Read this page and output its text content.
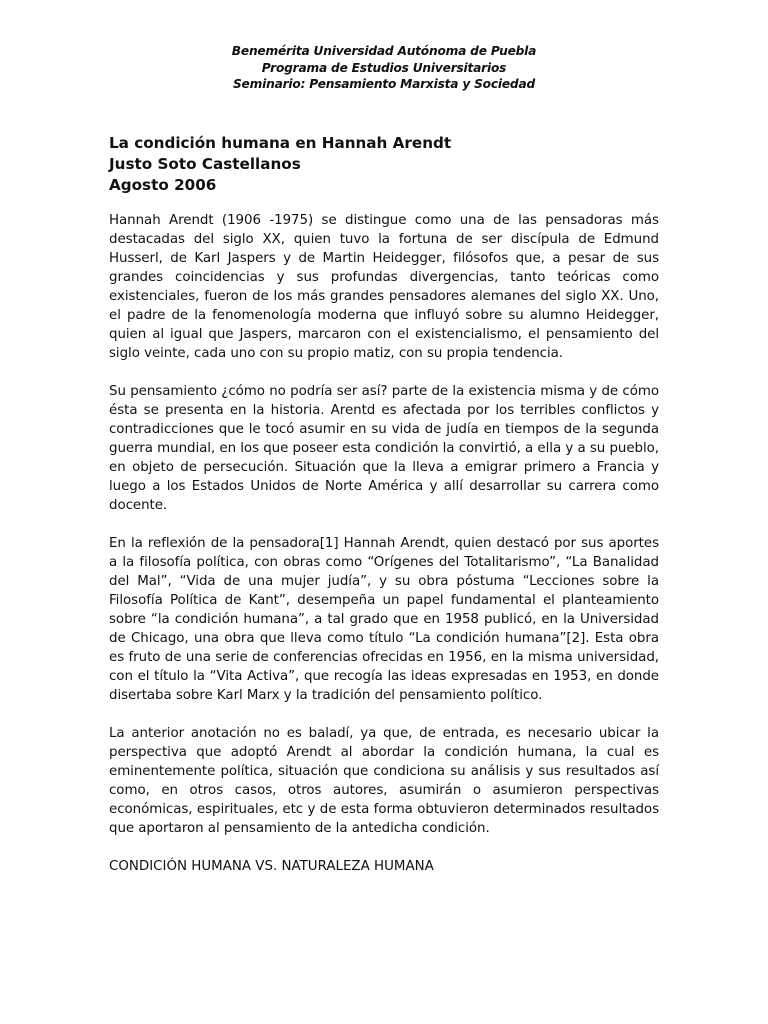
Benemérita Universidad Autónoma de Puebla
Programa de Estudios Universitarios
Seminario: Pensamiento Marxista y Sociedad
La condición humana en Hannah Arendt
Justo Soto Castellanos
Agosto 2006

Hannah Arendt (1906 -1975) se distingue como una de las pensadoras más destacadas del siglo XX, quien tuvo la fortuna de ser discípula de Edmund Husserl, de Karl Jaspers y de Martin Heidegger, filósofos que, a pesar de sus grandes coincidencias y sus profundas divergencias, tanto teóricas como existenciales, fueron de los más grandes pensadores alemanes del siglo XX. Uno, el padre de la fenomenología moderna que influyó sobre su alumno Heidegger, quien al igual que Jaspers, marcaron con el existencialismo, el pensamiento del siglo veinte, cada uno con su propio matiz, con su propia tendencia.

Su pensamiento ¿cómo no podría ser así? parte de la existencia misma y de cómo ésta se presenta en la historia. Arentd es afectada por los terribles conflictos y contradicciones que le tocó asumir en su vida de judía en tiempos de la segunda guerra mundial, en los que poseer esta condición la convirtió, a ella y a su pueblo, en objeto de persecución. Situación que la lleva a emigrar primero a Francia y luego a los Estados Unidos de Norte América y allí desarrollar su carrera como docente.

En la reflexión de la pensadora[1] Hannah Arendt, quien destacó por sus aportes a la filosofía política, con obras como “Orígenes del Totalitarismo”, “La Banalidad del Mal”, “Vida de una mujer judía”, y su obra póstuma “Lecciones sobre la Filosofía Política de Kant”, desempeña un papel fundamental el planteamiento sobre “la condición humana”, a tal grado que en 1958 publicó, en la Universidad de Chicago, una obra que lleva como título “La condición humana”[2]. Esta obra es fruto de una serie de conferencias ofrecidas en 1956, en la misma universidad, con el título la “Vita Activa”, que recogía las ideas expresadas en 1953, en donde disertaba sobre Karl Marx y la tradición del pensamiento político.

La anterior anotación no es baladí, ya que, de entrada, es necesario ubicar la perspectiva que adoptó Arendt al abordar la condición humana, la cual es eminentemente política, situación que condiciona su análisis y sus resultados así como, en otros casos, otros autores, asumirán o asumieron perspectivas económicas, espirituales, etc y de esta forma obtuvieron determinados resultados que aportaron al pensamiento de la antedicha condición.

CONDICIÓN HUMANA VS. NATURALEZA HUMANA
